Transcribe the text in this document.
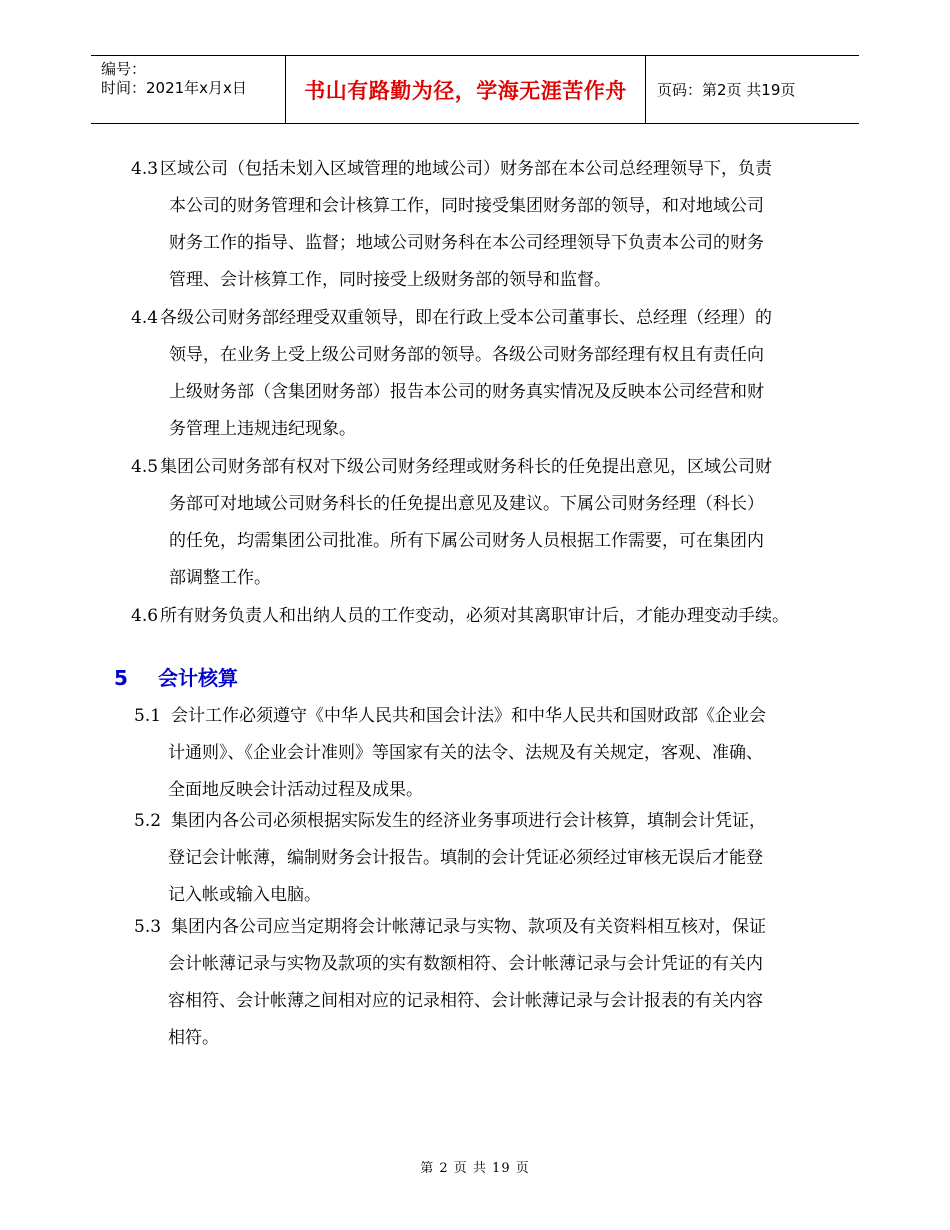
编号：
时间：2021年x月x日	书山有路勤为径，学海无涯苦作舟 页码：第2页 共19页
4.3 区域公司（包括未划入区域管理的地域公司）财务部在本公司总经理领导下，负责
本公司的财务管理和会计核算工作，同时接受集团财务部的领导，和对地域公司
财务工作的指导、监督；地域公司财务科在本公司经理领导下负责本公司的财务
管理、会计核算工作，同时接受上级财务部的领导和监督。
4.4 各级公司财务部经理受双重领导，即在行政上受本公司董事长、总经理（经理）的
领导，在业务上受上级公司财务部的领导。各级公司财务部经理有权且有责任向
上级财务部（含集团财务部）报告本公司的财务真实情况及反映本公司经营和财
务管理上违规违纪现象。
4.5 集团公司财务部有权对下级公司财务经理或财务科长的任免提出意见，区域公司财
务部可对地域公司财务科长的任免提出意见及建议。下属公司财务经理（科长）
的任免，均需集团公司批准。所有下属公司财务人员根据工作需要，可在集团内
部调整工作。
4.6 所有财务负责人和出纳人员的工作变动，必须对其离职审计后，才能办理变动手续。
5 会计核算
5.1 会计工作必须遵守《中华人民共和国会计法》和中华人民共和国财政部《企业会
计通则》、《企业会计准则》等国家有关的法令、法规及有关规定，客观、准确、
全面地反映会计活动过程及成果。
5.2 集团内各公司必须根据实际发生的经济业务事项进行会计核算，填制会计凭证，
登记会计帐薄，编制财务会计报告。填制的会计凭证必须经过审核无误后才能登
记入帐或输入电脑。
5.3 集团内各公司应当定期将会计帐薄记录与实物、款项及有关资料相互核对，保证
会计帐薄记录与实物及款项的实有数额相符、会计帐薄记录与会计凭证的有关内
容相符、会计帐薄之间相对应的记录相符、会计帐薄记录与会计报表的有关内容
相符。
第 2 页 共 19 页
